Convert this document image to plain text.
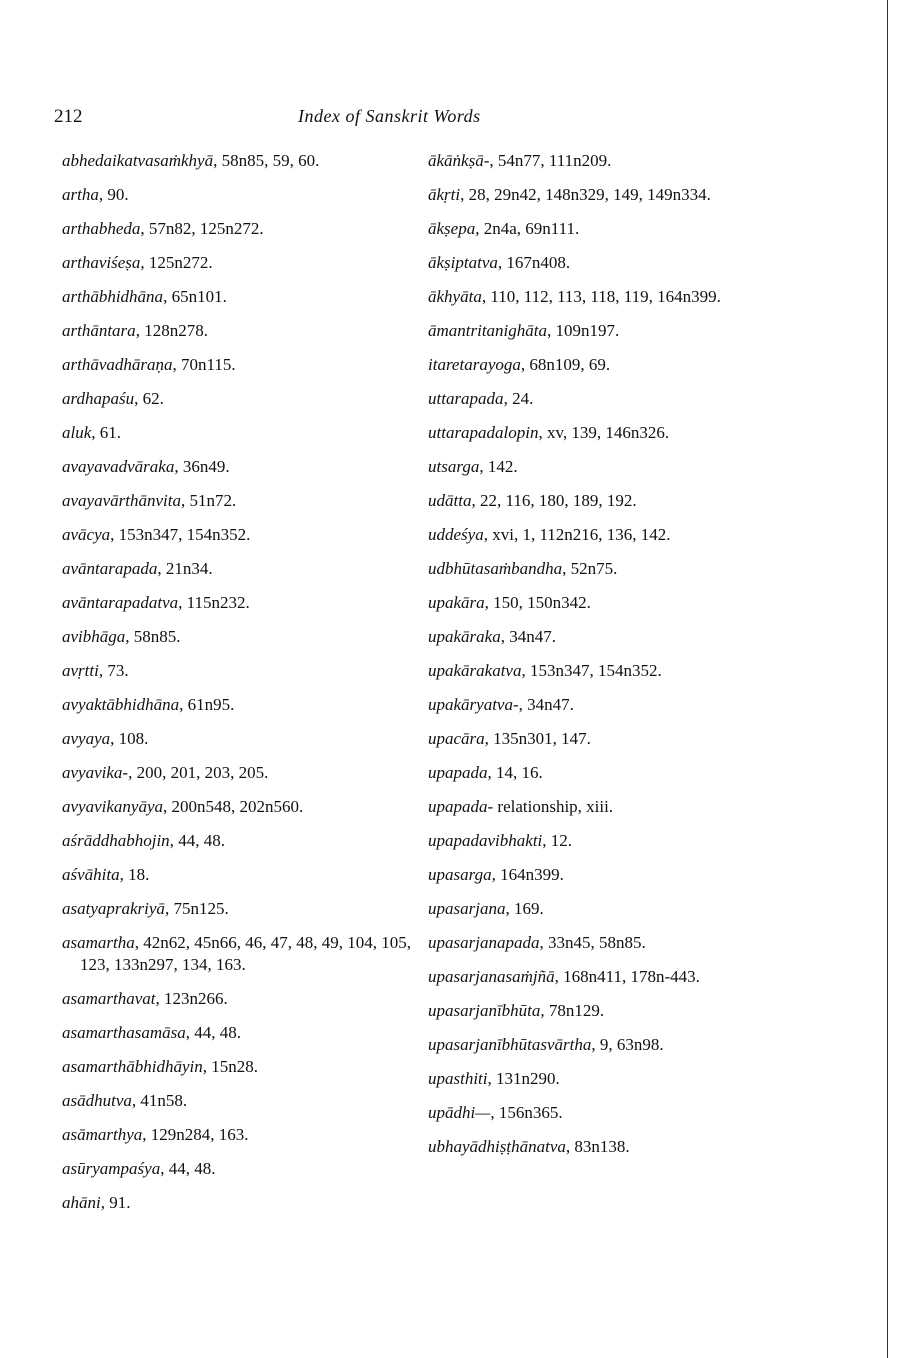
212	Index of Sanskrit Words
abhedaikatvasaṁkhyā, 58n85, 59, 60.
artha, 90.
arthabheda, 57n82, 125n272.
arthaviśeṣa, 125n272.
arthābhidhāna, 65n101.
arthāntara, 128n278.
arthāvadhāraṇa, 70n115.
ardhapaśu, 62.
aluk, 61.
avayavadvāraka, 36n49.
avayavārthānvita, 51n72.
avācya, 153n347, 154n352.
avāntarapada, 21n34.
avāntarapadatva, 115n232.
avibhāga, 58n85.
avṛtti, 73.
avyaktābhidhāna, 61n95.
avyaya, 108.
avyavika-, 200, 201, 203, 205.
avyavikanyāya, 200n548, 202n560.
aśrāddhabhojin, 44, 48.
aśvāhita, 18.
asatyaprakriyā, 75n125.
asamartha, 42n62, 45n66, 46, 47, 48, 49, 104, 105, 123, 133n297, 134, 163.
asamarthavat, 123n266.
asamarthasamāsa, 44, 48.
asamarthābhidhāyin, 15n28.
asādhutva, 41n58.
asāmarthya, 129n284, 163.
asūryampaśya, 44, 48.
ahāni, 91.
ākāṅkṣā-, 54n77, 111n209.
ākṛti, 28, 29n42, 148n329, 149, 149n334.
ākṣepa, 2n4a, 69n111.
ākṣiptatva, 167n408.
ākhyāta, 110, 112, 113, 118, 119, 164n399.
āmantritanighāta, 109n197.
itaretarayoga, 68n109, 69.
uttarapada, 24.
uttarapadalopin, xv, 139, 146n326.
utsarga, 142.
udātta, 22, 116, 180, 189, 192.
uddeśya, xvi, 1, 112n216, 136, 142.
udbhūtasaṁbandha, 52n75.
upakāra, 150, 150n342.
upakāraka, 34n47.
upakārakatva, 153n347, 154n352.
upakāryatva-, 34n47.
upacāra, 135n301, 147.
upapada, 14, 16.
upapada- relationship, xiii.
upapadavibhakti, 12.
upasarga, 164n399.
upasarjana, 169.
upasarjanapada, 33n45, 58n85.
upasarjanasaṁjñā, 168n411, 178n-443.
upasarjanībhūta, 78n129.
upasarjanībhūtasvārtha, 9, 63n98.
upasthiti, 131n290.
upādhi—, 156n365.
ubhayādhiṣṭhānatva, 83n138.
